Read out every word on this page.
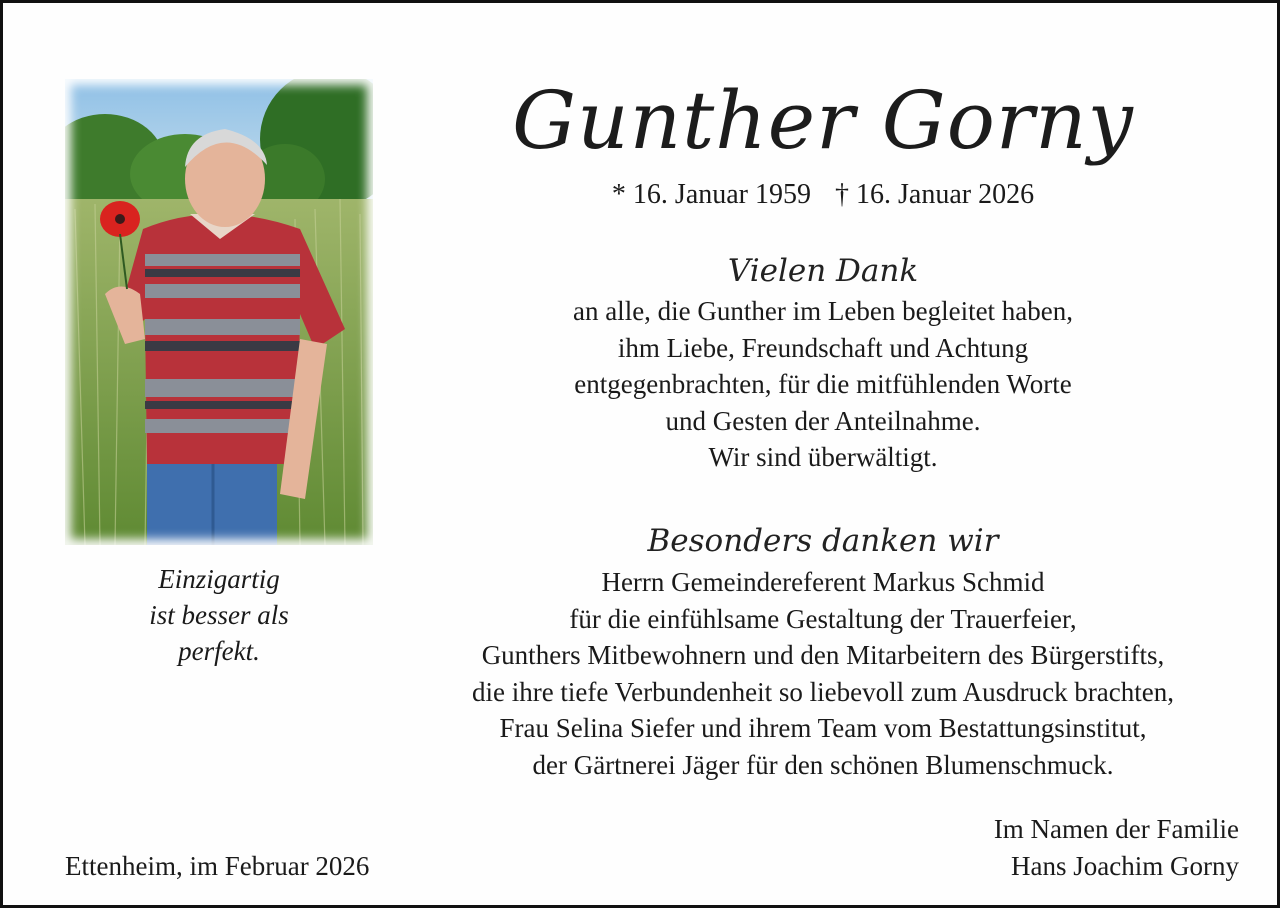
Einzigartig
ist besser als
perfekt.
Gunther Gorny
* 16. Januar 1959 † 16. Januar 2026
Vielen Dank
an alle, die Gunther im Leben begleitet haben,
ihm Liebe, Freundschaft und Achtung
entgegenbrachten, für die mitfühlenden Worte
und Gesten der Anteilnahme.
Wir sind überwältigt.
Besonders danken wir
Herrn Gemeindereferent Markus Schmid
für die einfühlsame Gestaltung der Trauerfeier,
Gunthers Mitbewohnern und den Mitarbeitern des Bürgerstifts,
die ihre tiefe Verbundenheit so liebevoll zum Ausdruck brachten,
Frau Selina Siefer und ihrem Team vom Bestattungsinstitut,
der Gärtnerei Jäger für den schönen Blumenschmuck.
Ettenheim, im Februar 2026
Im Namen der Familie
Hans Joachim Gorny
